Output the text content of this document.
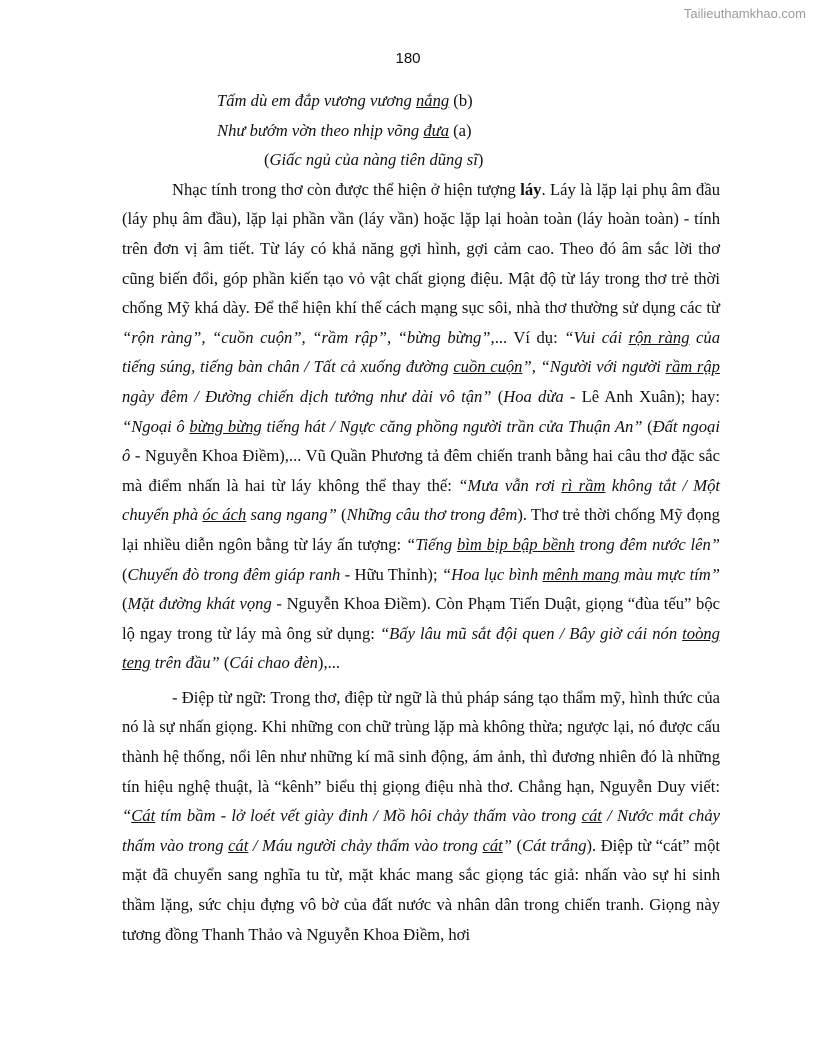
Tailieuthamkhao.com
180

Tấm dù em đắp vương vương nắng (b)

Như bướm vờn theo nhịp võng đưa (a)

(Giấc ngủ của nàng tiên dũng sĩ)

Nhạc tính trong thơ còn được thể hiện ở hiện tượng láy. Láy là lặp lại phụ âm đầu (láy phụ âm đầu), lặp lại phần vần (láy vần) hoặc lặp lại hoàn toàn (láy hoàn toàn) - tính trên đơn vị âm tiết. Từ láy có khả năng gợi hình, gợi cảm cao. Theo đó âm sắc lời thơ cũng biến đổi, góp phần kiến tạo vỏ vật chất giọng điệu. Mật độ từ láy trong thơ trẻ thời chống Mỹ khá dày. Để thể hiện khí thế cách mạng sục sôi, nhà thơ thường sử dụng các từ “rộn ràng”, “cuồn cuộn”, “rầm rập”, “bừng bừng”,... Ví dụ: “Vui cái rộn ràng của tiếng súng, tiếng bàn chân / Tất cả xuống đường cuồn cuộn”, “Người với người rầm rập ngày đêm / Đường chiến dịch tưởng như dài vô tận” (Hoa dừa - Lê Anh Xuân); hay: “Ngoại ô bừng bừng tiếng hát / Ngực căng phồng người trần cửa Thuận An” (Đất ngoại ô - Nguyễn Khoa Điềm),... Vũ Quần Phương tả đêm chiến tranh bằng hai câu thơ đặc sắc mà điểm nhấn là hai từ láy không thể thay thế: “Mưa vẫn rơi rì rầm không tắt / Một chuyến phà óc ách sang ngang” (Những câu thơ trong đêm). Thơ trẻ thời chống Mỹ đọng lại nhiều diễn ngôn bằng từ láy ấn tượng: “Tiếng bìm bịp bập bềnh trong đêm nước lên” (Chuyến đò trong đêm giáp ranh - Hữu Thỉnh); “Hoa lục bình mênh mang màu mực tím” (Mặt đường khát vọng - Nguyễn Khoa Điềm). Còn Phạm Tiến Duật, giọng “đùa tếu” bộc lộ ngay trong từ láy mà ông sử dụng: “Bấy lâu mũ sắt đội quen / Bây giờ cái nón toòng teng trên đầu” (Cái chao đèn),...

- Điệp từ ngữ: Trong thơ, điệp từ ngữ là thủ pháp sáng tạo thẩm mỹ, hình thức của nó là sự nhấn giọng. Khi những con chữ trùng lặp mà không thừa; ngược lại, nó được cấu thành hệ thống, nổi lên như những kí mã sinh động, ám ảnh, thì đương nhiên đó là những tín hiệu nghệ thuật, là “kênh” biểu thị giọng điệu nhà thơ. Chẳng hạn, Nguyễn Duy viết: “Cát tím bầm - lở loét vết giày đinh / Mồ hôi chảy thấm vào trong cát / Nước mắt chảy thấm vào trong cát / Máu người chảy thấm vào trong cát” (Cát trắng). Điệp từ “cát” một mặt đã chuyển sang nghĩa tu từ, mặt khác mang sắc giọng tác giả: nhấn vào sự hi sinh thầm lặng, sức chịu đựng vô bờ của đất nước và nhân dân trong chiến tranh. Giọng này tương đồng Thanh Thảo và Nguyễn Khoa Điềm, hơi
